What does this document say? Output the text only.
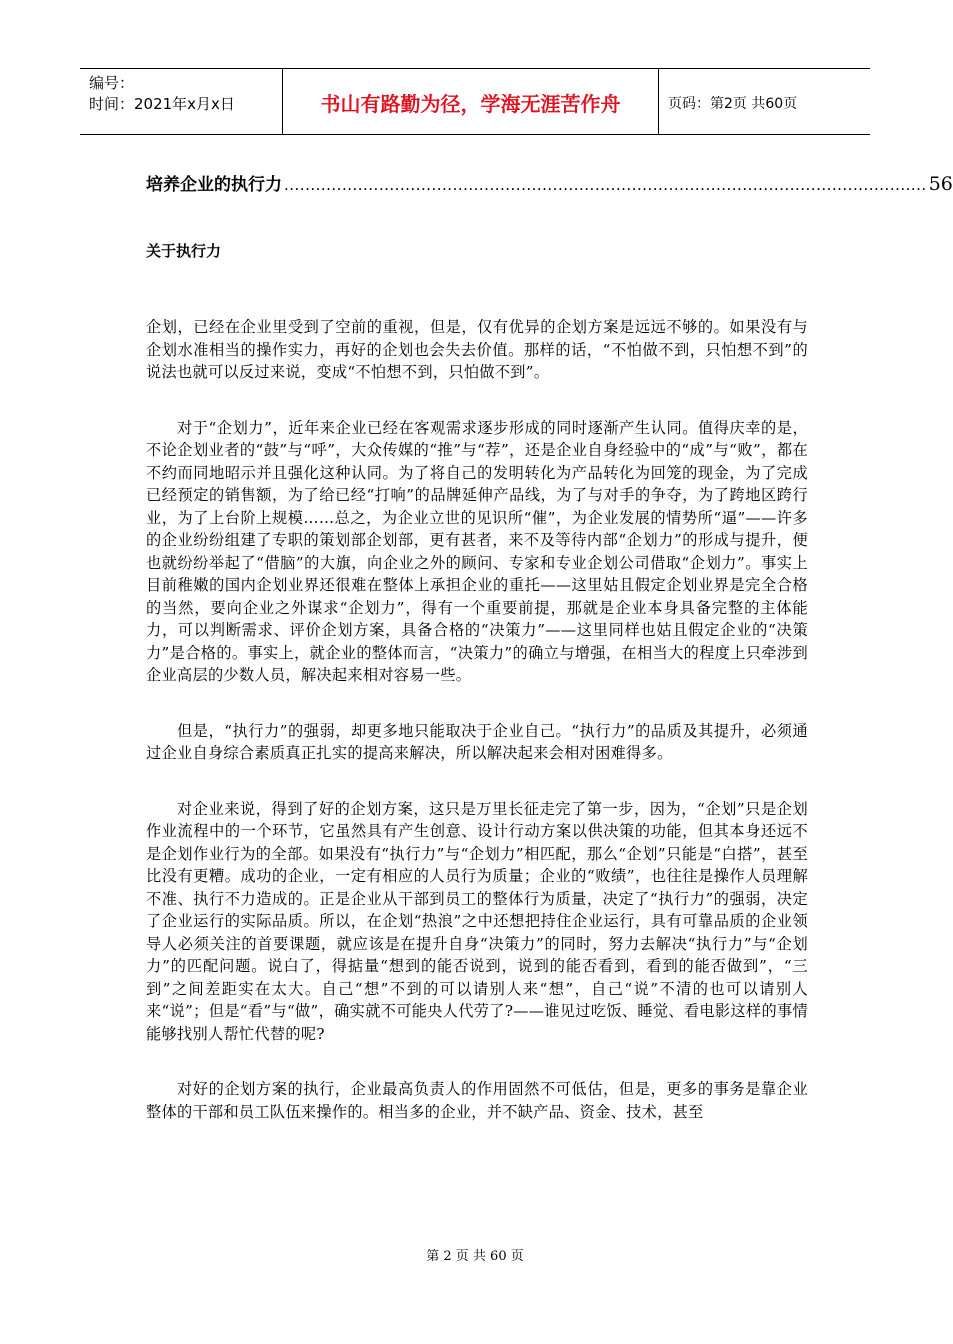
编号：
时间：2021年x月x日	书山有路勤为径，学海无涯苦作舟	页码：第2页 共60页
培养企业的执行力 .......................................................................................................................... 56
关于执行力

企划，已经在企业里受到了空前的重视，但是，仅有优异的企划方案是远远不够的。如果没有与企划水准相当的操作实力，再好的企划也会失去价值。那样的话，“不怕做不到，只怕想不到”的说法也就可以反过来说，变成“不怕想不到，只怕做不到”。

对于“企划力”，近年来企业已经在客观需求逐步形成的同时逐渐产生认同。值得庆幸的是，不论企划业者的“鼓”与“呼”，大众传媒的“推”与“荐”，还是企业自身经验中的“成”与“败”，都在不约而同地昭示并且强化这种认同。为了将自己的发明转化为产品转化为回笼的现金，为了完成已经预定的销售额，为了给已经“打响”的品牌延伸产品线，为了与对手的争夺，为了跨地区跨行业，为了上台阶上规模……总之，为企业立世的见识所“催”，为企业发展的情势所“逼”——许多的企业纷纷组建了专职的策划部企划部，更有甚者，来不及等待内部“企划力”的形成与提升，便也就纷纷举起了“借脑”的大旗，向企业之外的顾问、专家和专业企划公司借取“企划力”。事实上目前稚嫩的国内企划业界还很难在整体上承担企业的重托——这里姑且假定企划业界是完全合格的当然，要向企业之外谋求“企划力”，得有一个重要前提，那就是企业本身具备完整的主体能力，可以判断需求、评价企划方案，具备合格的“决策力”——这里同样也姑且假定企业的“决策力”是合格的。事实上，就企业的整体而言，“决策力”的确立与增强，在相当大的程度上只牵涉到企业高层的少数人员，解决起来相对容易一些。

但是，“执行力”的强弱，却更多地只能取决于企业自己。“执行力”的品质及其提升，必须通过企业自身综合素质真正扎实的提高来解决，所以解决起来会相对困难得多。

对企业来说，得到了好的企划方案，这只是万里长征走完了第一步，因为，“企划”只是企划作业流程中的一个环节，它虽然具有产生创意、设计行动方案以供决策的功能，但其本身还远不是企划作业行为的全部。如果没有“执行力”与“企划力”相匹配，那么“企划”只能是“白搭”，甚至比没有更糟。成功的企业，一定有相应的人员行为质量；企业的“败绩”，也往往是操作人员理解不准、执行不力造成的。正是企业从干部到员工的整体行为质量，决定了“执行力”的强弱，决定了企业运行的实际品质。所以，在企划“热浪”之中还想把持住企业运行，具有可靠品质的企业领导人必须关注的首要课题，就应该是在提升自身“决策力”的同时，努力去解决“执行力”与“企划力”的匹配问题。说白了，得掂量“想到的能否说到，说到的能否看到，看到的能否做到”，“三到”之间差距实在太大。自己“想”不到的可以请别人来“想”，自己“说”不清的也可以请别人来“说”；但是“看”与“做”，确实就不可能央人代劳了?——谁见过吃饭、睡觉、看电影这样的事情能够找别人帮忙代替的呢?

对好的企划方案的执行，企业最高负责人的作用固然不可低估，但是，更多的事务是靠企业整体的干部和员工队伍来操作的。相当多的企业，并不缺产品、资金、技术，甚至

第 2 页 共 60 页
